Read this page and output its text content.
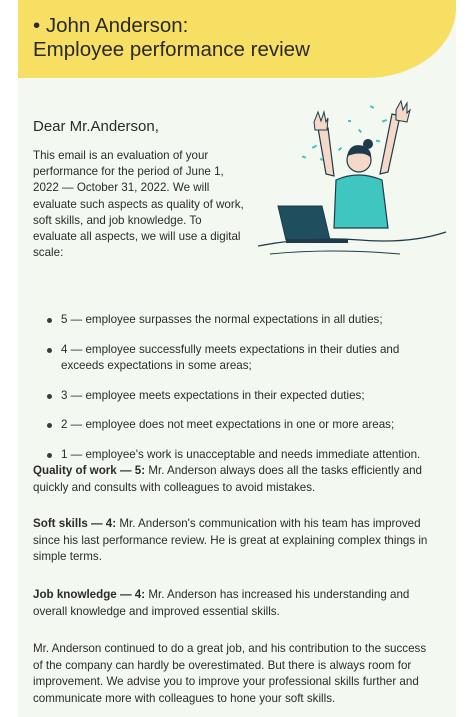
• John Anderson:
Employee performance review

Dear Mr.Anderson,

This email is an evaluation of your performance for the period of June 1, 2022 — October 31, 2022. We will evaluate such aspects as quality of work, soft skills, and job knowledge. To evaluate all aspects, we will use a digital scale:

5 — employee surpasses the normal expectations in all duties;
4 — employee successfully meets expectations in their duties and exceeds expectations in some areas;
3 — employee meets expectations in their expected duties;
2 — employee does not meet expectations in one or more areas;
1 — employee's work is unacceptable and needs immediate attention.

Quality of work — 5: Mr. Anderson always does all the tasks efficiently and quickly and consults with colleagues to avoid mistakes.

Soft skills — 4: Mr. Anderson's communication with his team has improved since his last performance review. He is great at explaining complex things in simple terms.

Job knowledge — 4: Mr. Anderson has increased his understanding and overall knowledge and improved essential skills.

Mr. Anderson continued to do a great job, and his contribution to the success of the company can hardly be overestimated. But there is always room for improvement. We advise you to improve your professional skills further and communicate more with colleagues to hone your soft skills.
